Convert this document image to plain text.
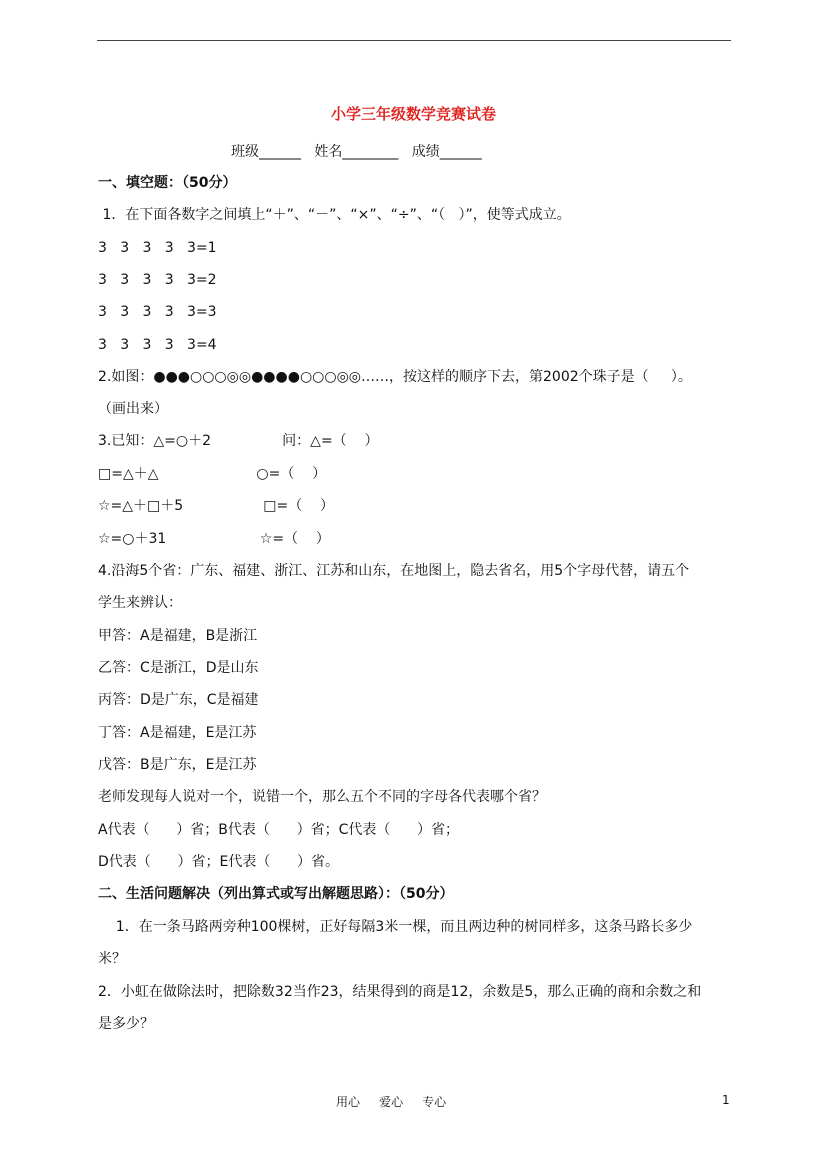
小学三年级数学竞赛试卷
班级______   姓名________   成绩______
一、填空题：（50分）
1．在下面各数字之间填上“＋”、“－”、“×”、“÷”、“（   ）”，使等式成立。
3   3   3   3   3=1
3   3   3   3   3=2
3   3   3   3   3=3
3   3   3   3   3=4
2.如图：●●●○○○◎◎●●●●○○○◎◎……，按这样的顺序下去，第2002个珠子是（     ）。
（画出来）
3.已知：△=○＋2                问：△=（    ）
□=△＋△                      ○=（    ）
☆=△＋□＋5                  □=（    ）
☆=○＋31                     ☆=（    ）
4.沿海5个省：广东、福建、浙江、江苏和山东，在地图上，隐去省名，用5个字母代替，请五个
学生来辨认：
甲答：A是福建，B是浙江
乙答：C是浙江，D是山东
丙答：D是广东，C是福建
丁答：A是福建，E是江苏
戊答：B是广东，E是江苏
老师发现每人说对一个，说错一个，那么五个不同的字母各代表哪个省？
A代表（      ）省；B代表（      ）省；C代表（      ）省；
D代表（      ）省；E代表（      ）省。
二、生活问题解决（列出算式或写出解题思路）：（50分）
1．在一条马路两旁种100棵树，正好每隔3米一棵，而且两边种的树同样多，这条马路长多少
米？
2．小虹在做除法时，把除数32当作23，结果得到的商是12，余数是5，那么正确的商和余数之和
是多少？
用心     爱心     专心	1
